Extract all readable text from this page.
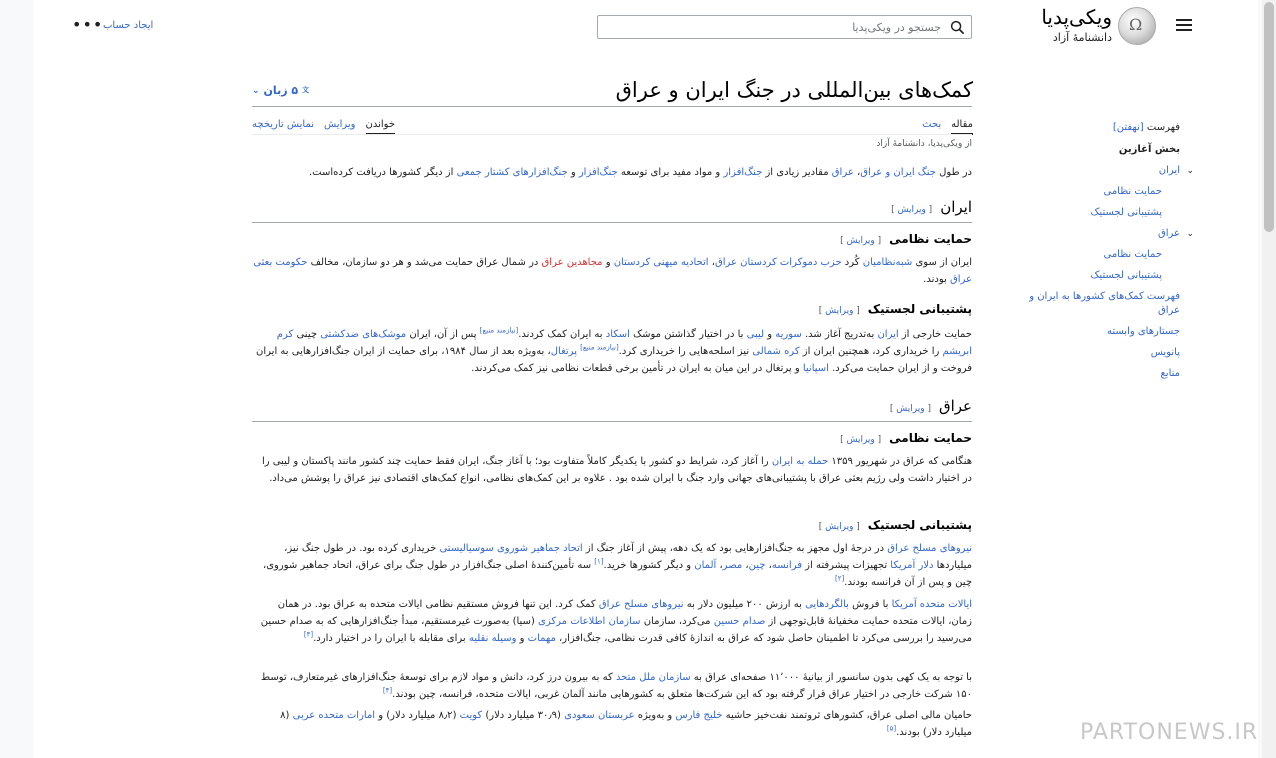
Ω
ویکی‌پدیا
دانشنامهٔ آزاد
جستجو در ویکی‌پدیا
ایجاد حساب
•••
کمک‌های بین‌المللی در جنگ ایران و عراق
文
۵ زبان
⌄
مقاله
بحث
خواندن
ویرایش
نمایش تاریخچه
از ویکی‌پدیا، دانشنامهٔ آزاد
در طول جنگ ایران و عراق، عراق مقادیر زیادی از جنگ‌افزار و مواد مفید برای توسعه جنگ‌افزار و جنگ‌افزارهای کشتار جمعی از دیگر کشورها دریافت کرده‌است.
ایران[ ویرایش ]
حمایت نظامی[ ویرایش ]
ایران از سوی شبه‌نظامیان کُرد حزب دموکرات کردستان عراق، اتحادیه میهنی کردستان و مجاهدین عراق در شمال عراق حمایت می‌شد و هر دو سازمان، مخالف حکومت بعثی عراق بودند.
پشتیبانی لجستیک[ ویرایش ]
حمایت خارجی از ایران به‌تدریج آغاز شد. سوریه و لیبی با در اختیار گذاشتن موشک اسکاد به ایران کمک کردند.[نیازمند منبع] پس از آن، ایران موشک‌های ضدکشتی چینی کرم ابریشم را خریداری کرد، همچنین ایران از کره شمالی نیز اسلحه‌هایی را خریداری کرد.[نیازمند منبع] پرتغال، به‌ویژه بعد از سال ۱۹۸۴، برای حمایت از ایران جنگ‌افزارهایی به ایران فروخت و از ایران حمایت می‌کرد. اسپانیا و پرتغال در این میان به ایران در تأمین برخی قطعات نظامی نیز کمک می‌کردند.
عراق[ ویرایش ]
حمایت نظامی[ ویرایش ]
هنگامی که عراق در شهریور ۱۳۵۹ حمله به ایران را آغاز کرد، شرایط دو کشور با یکدیگر کاملاً متفاوت بود؛ با آغاز جنگ، ایران فقط حمایت چند کشور مانند پاکستان و لیبی را در اختیار داشت ولی رژیم بعثی عراق با پشتیبانی‌های جهانی وارد جنگ با ایران شده بود . علاوه بر این کمک‌های نظامی، انواع کمک‌های اقتصادی نیز عراق را پوشش می‌داد.
پشتیبانی لجستیک[ ویرایش ]
نیروهای مسلح عراق در درجهٔ اول مجهز به جنگ‌افزارهایی بود که یک دهه، پیش از آغاز جنگ از اتحاد جماهیر شوروی سوسیالیستی خریداری کرده بود. در طول جنگ نیز، میلیاردها دلار آمریکا تجهیزات پیشرفته از فرانسه، چین، مصر، آلمان و دیگر کشورها خرید.[۱] سه تأمین‌کنندهٔ اصلی جنگ‌افزار در طول جنگ برای عراق، اتحاد جماهیر شوروی، چین و پس از آن فرانسه بودند.[۲]
ایالات متحده آمریکا با فروش بالگردهایی به ارزش ۲۰۰ میلیون دلار به نیروهای مسلح عراق کمک کرد. این تنها فروش مستقیم نظامی ایالات متحده به عراق بود. در همان زمان، ایالات متحده حمایت مخفیانهٔ قابل‌توجهی از صدام حسین می‌کرد، سازمان سازمان اطلاعات مرکزی (سیا) به‌صورت غیرمستقیم، مبدأ جنگ‌افزارهایی که به صدام حسین می‌رسید را بررسی می‌کرد تا اطمینان حاصل شود که عراق به اندازهٔ کافی قدرت نظامی، جنگ‌افزار، مهمات و وسیله نقلیه برای مقابله با ایران را در اختیار دارد.[۳]
با توجه به یک کهی بدون سانسور از بیانیهٔ ۱۱٬۰۰۰ صفحه‌ای عراق به سازمان ملل متحد که به بیرون درز کرد، دانش و مواد لازم برای توسعهٔ جنگ‌افزارهای غیرمتعارف، توسط ۱۵۰ شرکت خارجی در اختیار عراق قرار گرفته بود که این شرکت‌ها متعلق به کشورهایی مانند آلمان غربی، ایالات متحده، فرانسه، چین بودند.[۴]
حامیان مالی اصلی عراق، کشورهای ثروتمند نفت‌خیز حاشیه خلیج فارس و به‌ویژه عربستان سعودی (۳۰٫۹ میلیارد دلار) کویت (۸٫۲ میلیارد دلار) و امارات متحده عربی (۸ میلیارد دلار) بودند.[۵]
فهرست [نهفتن]
بخش آغازین
⌄
ایران
حمایت نظامی
پشتیبانی لجستیک
⌄
عراق
حمایت نظامی
پشتیبانی لجستیک
فهرست کمک‌های کشورها به ایران و عراق
جستارهای وابسته
پانویس
منابع
PARTONEWS.IR
